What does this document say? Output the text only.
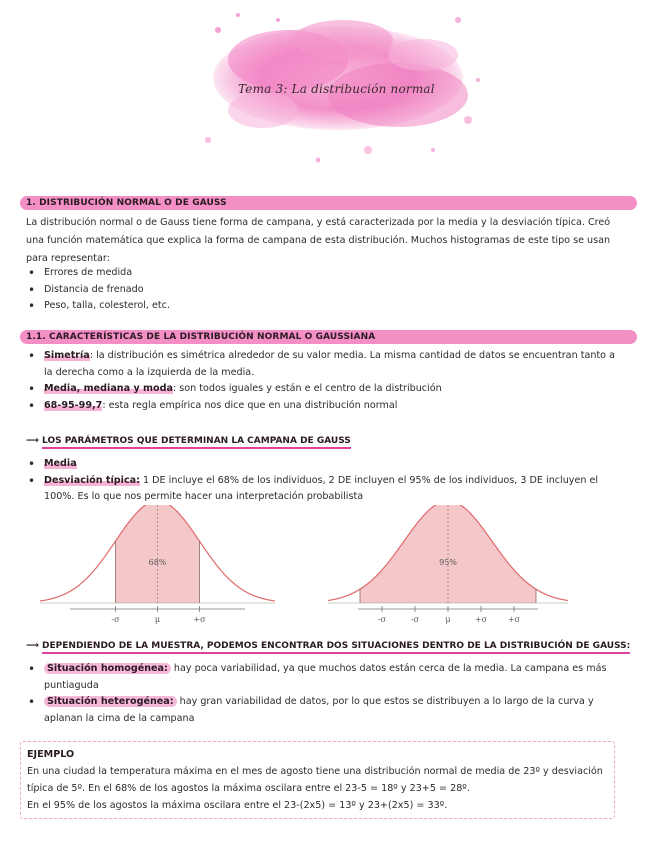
Tema 3: La distribución normal
1. DISTRIBUCIÓN NORMAL O DE GAUSS
La distribución normal o de Gauss tiene forma de campana, y está caracterizada por la media y la desviación típica. Creó una función matemática que explica la forma de campana de esta distribución. Muchos histogramas de este tipo se usan para representar:
• Errores de medida
• Distancia de frenado
• Peso, talla, colesterol, etc.
1.1. CARACTERÍSTICAS DE LA DISTRIBUCIÓN NORMAL O GAUSSIANA
• Simetría: la distribución es simétrica alrededor de su valor media. La misma cantidad de datos se encuentran tanto a la derecha como a la izquierda de la media.
• Media, mediana y moda: son todos iguales y están e el centro de la distribución
• 68-95-99,7: esta regla empírica nos dice que en una distribución normal
⟶ LOS PARÁMETROS QUE DETERMINAN LA CAMPANA DE GAUSS
• Media
• Desviación típica: 1 DE incluye el 68% de los individuos, 2 DE incluyen el 95% de los individuos, 3 DE incluyen el 100%. Es lo que nos permite hacer una interpretación probabilista
68%
-σ	μ	+σ
95%
-σ	-σ	μ	+σ	+σ
⟶ DEPENDIENDO DE LA MUESTRA, PODEMOS ENCONTRAR DOS SITUACIONES DENTRO DE LA DISTRIBUCIÓN DE GAUSS:
• Situación homogénea: hay poca variabilidad, ya que muchos datos están cerca de la media. La campana es más puntiaguda
• Situación heterogénea: hay gran variabilidad de datos, por lo que estos se distribuyen a lo largo de la curva y aplanan la cima de la campana
EJEMPLO
En una ciudad la temperatura máxima en el mes de agosto tiene una distribución normal de media de 23º y desviación típica de 5º. En el 68% de los agostos la máxima oscilara entre el 23-5 = 18º y 23+5 = 28º.
En el 95% de los agostos la máxima oscilara entre el 23-(2x5) = 13º y 23+(2x5) = 33º.
